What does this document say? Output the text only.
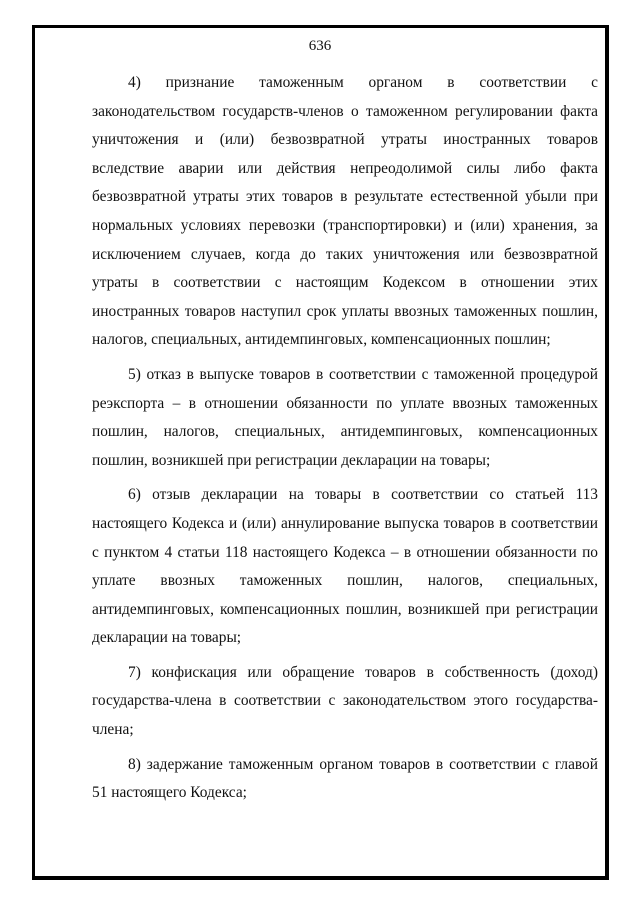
636

4) признание таможенным органом в соответствии с законодательством государств-членов о таможенном регулировании факта уничтожения и (или) безвозвратной утраты иностранных товаров вследствие аварии или действия непреодолимой силы либо факта безвозвратной утраты этих товаров в результате естественной убыли при нормальных условиях перевозки (транспортировки) и (или) хранения, за исключением случаев, когда до таких уничтожения или безвозвратной утраты в соответствии с настоящим Кодексом в отношении этих иностранных товаров наступил срок уплаты ввозных таможенных пошлин, налогов, специальных, антидемпинговых, компенсационных пошлин;

5) отказ в выпуске товаров в соответствии с таможенной процедурой реэкспорта – в отношении обязанности по уплате ввозных таможенных пошлин, налогов, специальных, антидемпинговых, компенсационных пошлин, возникшей при регистрации декларации на товары;

6) отзыв декларации на товары в соответствии со статьей 113 настоящего Кодекса и (или) аннулирование выпуска товаров в соответствии с пунктом 4 статьи 118 настоящего Кодекса – в отношении обязанности по уплате ввозных таможенных пошлин, налогов, специальных, антидемпинговых, компенсационных пошлин, возникшей при регистрации декларации на товары;

7) конфискация или обращение товаров в собственность (доход) государства-члена в соответствии с законодательством этого государства-члена;

8) задержание таможенным органом товаров в соответствии с главой 51 настоящего Кодекса;
